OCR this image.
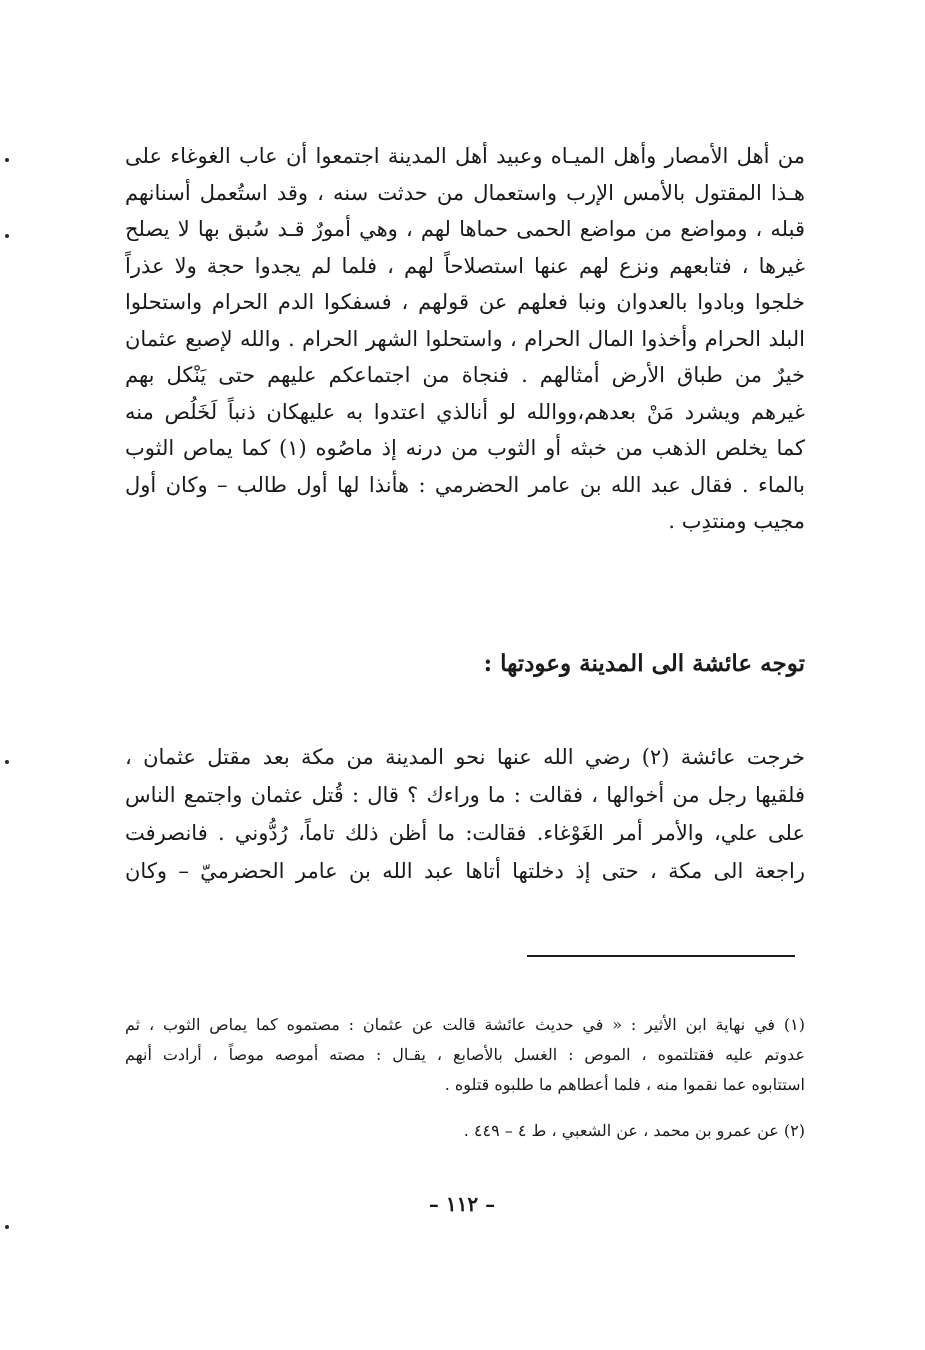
من أهل الأمصار وأهل الميـاه وعبيد أهل المدينة اجتمعوا أن عاب الغوغاء على
هـذا المقتول بالأمس الإرب واستعمال من حدثت سنه ، وقد استُعمل أسنانهم
قبله ، ومواضع من مواضع الحمى حماها لهم ، وهي أمورٌ قـد سُبق بها لا يصلح
غيرها ، فتابعهم ونزع لهم عنها استصلاحاً لهم ، فلما لم يجدوا حجة ولا عذراً
خلجوا وبادوا بالعدوان ونبا فعلهم عن قولهم ، فسفكوا الدم الحرام واستحلوا
البلد الحرام وأخذوا المال الحرام ، واستحلوا الشهر الحرام . والله لإصبع عثمان
خيرٌ من طباق الأرض أمثالهم . فنجاة من اجتماعكم عليهم حتى يَنْكل بهم
غيرهم ويشرد مَنْ بعدهم،ووالله لو أنالذي اعتدوا به عليهكان ذنباً لَخَلُص منه
كما يخلص الذهب من خبثه أو الثوب من درنه إذ ماصُوه (١) كما يماص الثوب
بالماء . فقال عبد الله بن عامر الحضرمي : هأنذا لها أول طالب – وكان أول
مجيب ومنتدِب .
توجه عائشة الى المدينة وعودتها :
خرجت عائشة (٢) رضي الله عنها نحو المدينة من مكة بعد مقتل عثمان ،
فلقيها رجل من أخوالها ، فقالت : ما وراءك ؟ قال : قُتل عثمان واجتمع الناس
على علي، والأمر أمر الغَوْغاء. فقالت: ما أظن ذلك تاماً، رُدُّوني . فانصرفت
راجعة الى مكة ، حتى إذ دخلتها أتاها عبد الله بن عامر الحضرميّ – وكان
(١) في نهاية ابن الأثير : « في حديث عائشة قالت عن عثمان : مصتموه كما يماص الثوب ، ثم
عدوتم عليه فقتلتموه ، الموص : الغسل بالأصابع ، يقـال : مصته أموصه موصاً ، أرادت أنهم
استتابوه عما نقموا منه ، فلما أعطاهم ما طلبوه قتلوه .
(٢) عن عمرو بن محمد ، عن الشعبي ، ط ٤ – ٤٤٩ .
– ١١٢ –
